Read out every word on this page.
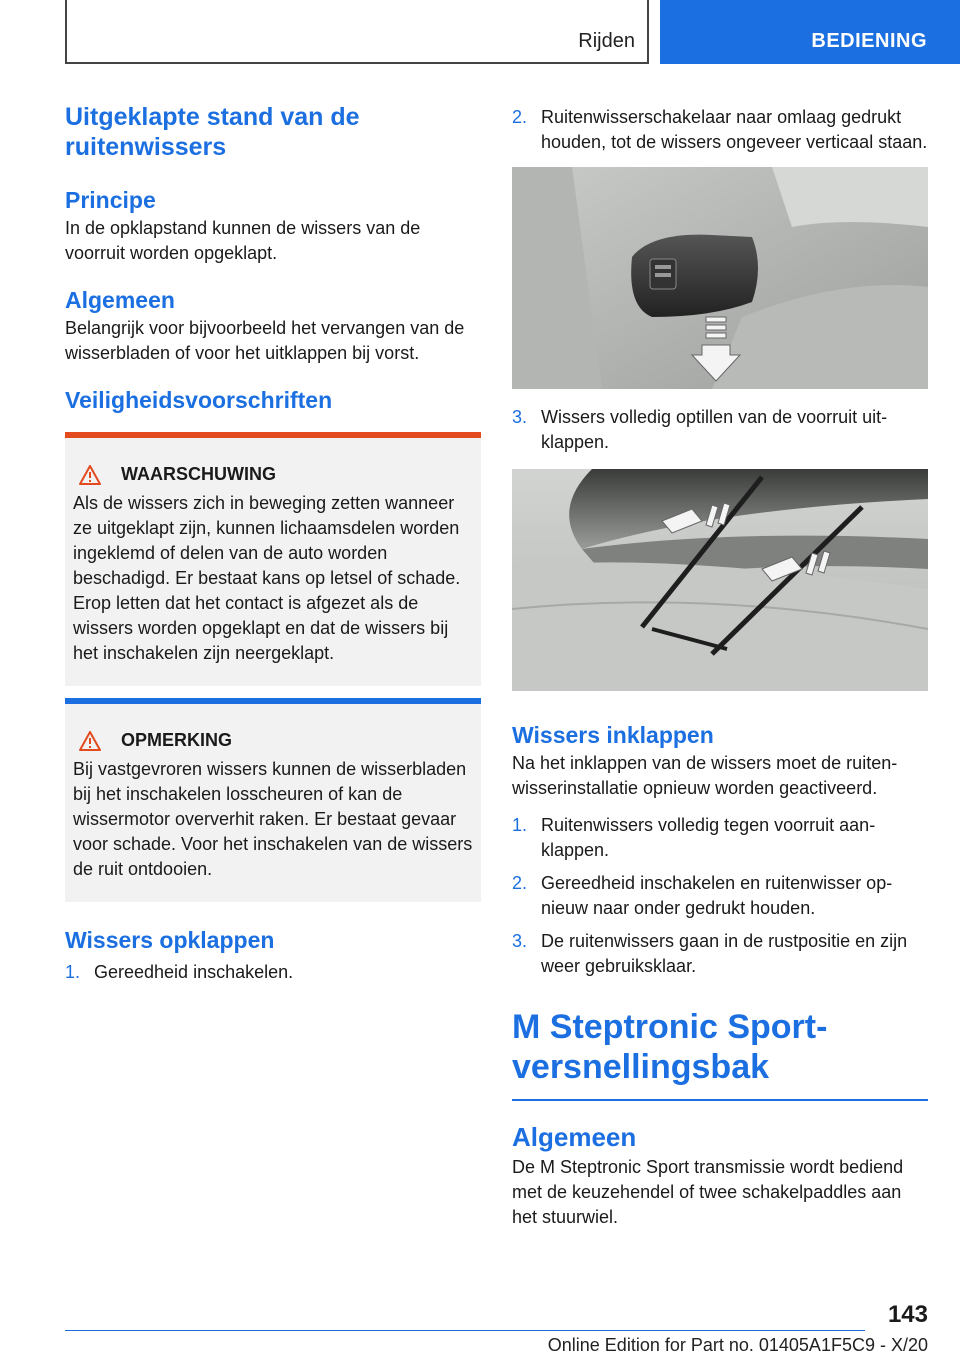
Rijden	BEDIENING
Uitgeklapte stand van de ruitenwissers
Principe

In de opklapstand kunnen de wissers van de voorruit worden opgeklapt.

Algemeen

Belangrijk voor bijvoorbeeld het vervangen van de wisserbladen of voor het uitklappen bij vorst.

Veiligheidsvoorschriften
WAARSCHUWING

Als de wissers zich in beweging zetten wanneer ze uitgeklapt zijn, kunnen lichaamsdelen worden ingeklemd of delen van de auto worden beschadigd. Er bestaat kans op letsel of schade. Erop letten dat het contact is afgezet als de wissers worden opgeklapt en dat de wissers bij het inschakelen zijn neergeklapt.

OPMERKING

Bij vastgevroren wissers kunnen de wisserbladen bij het inschakelen losscheuren of kan de wissermotor oververhit raken. Er bestaat gevaar voor schade. Voor het inschakelen van de wissers de ruit ontdooien.

Wissers opklappen
1. Gereedheid inschakelen.
2. Ruitenwisserschakelaar naar omlaag gedrukt houden, tot de wissers ongeveer verticaal staan.
3. Wissers volledig optillen van de voorruit uitklappen.
Wissers inklappen

Na het inklappen van de wissers moet de ruitenwisserinstallatie opnieuw worden geactiveerd.

1. Ruitenwissers volledig tegen voorruit aanklappen.
2. Gereedheid inschakelen en ruitenwisser opnieuw naar onder gedrukt houden.
3. De ruitenwissers gaan in de rustpositie en zijn weer gebruiksklaar.
M Steptronic Sportversnellingsbak
Algemeen

De M Steptronic Sport transmissie wordt bediend met de keuzehendel of twee schakelpaddles aan het stuurwiel.

143
Online Edition for Part no. 01405A1F5C9 - X/20
